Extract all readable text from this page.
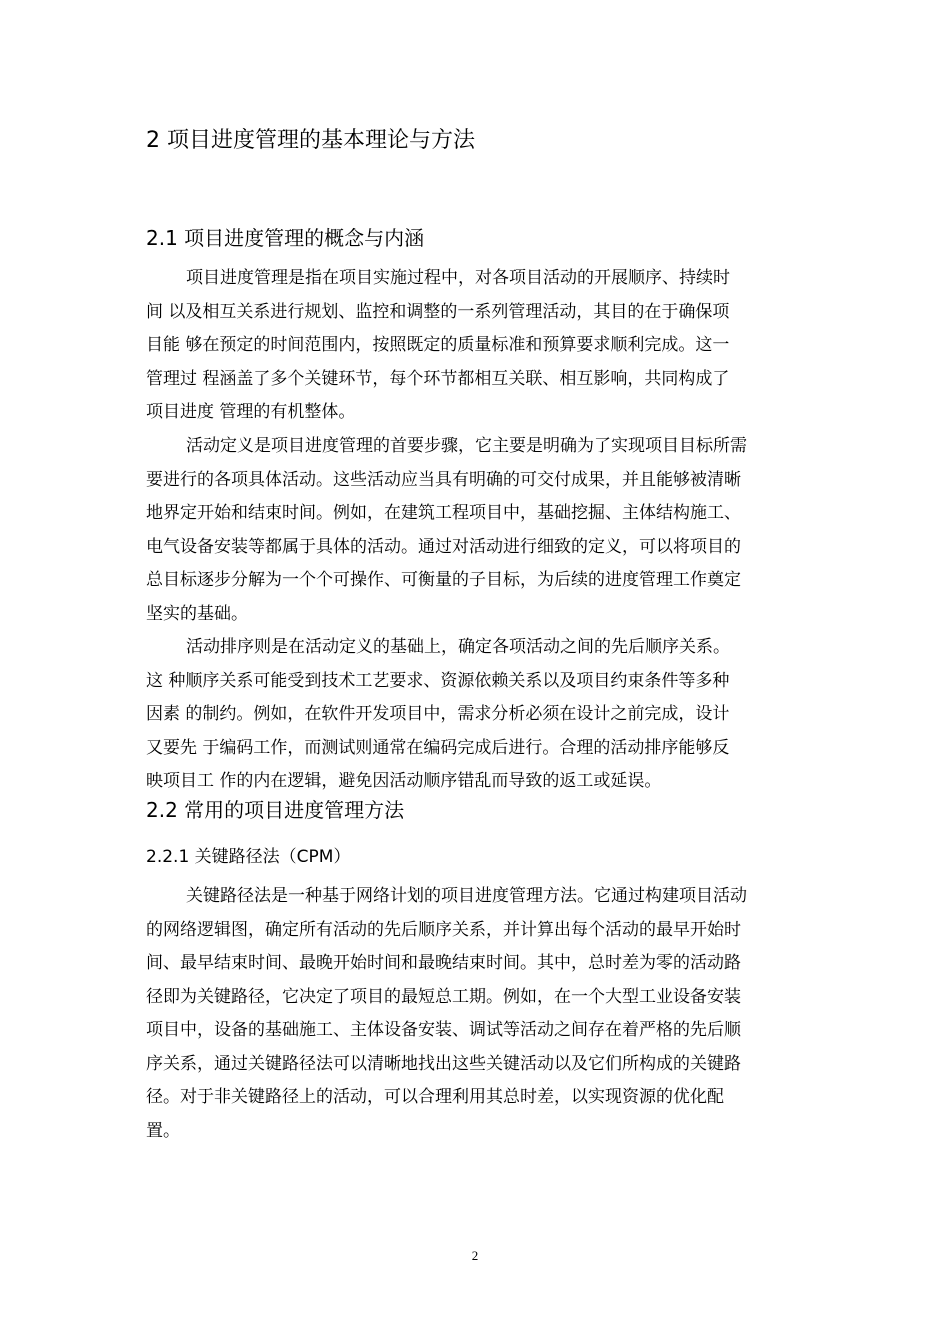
2 项目进度管理的基本理论与方法
2.1 项目进度管理的概念与内涵
项目进度管理是指在项目实施过程中，对各项目活动的开展顺序、持续时
间 以及相互关系进行规划、监控和调整的一系列管理活动，其目的在于确保项
目能 够在预定的时间范围内，按照既定的质量标准和预算要求顺利完成。这一
管理过 程涵盖了多个关键环节，每个环节都相互关联、相互影响，共同构成了
项目进度 管理的有机整体。
活动定义是项目进度管理的首要步骤，它主要是明确为了实现项目目标所需
要进行的各项具体活动。这些活动应当具有明确的可交付成果，并且能够被清晰
地界定开始和结束时间。例如，在建筑工程项目中，基础挖掘、主体结构施工、
电气设备安装等都属于具体的活动。通过对活动进行细致的定义，可以将项目的
总目标逐步分解为一个个可操作、可衡量的子目标，为后续的进度管理工作奠定
坚实的基础。
活动排序则是在活动定义的基础上，确定各项活动之间的先后顺序关系。
这 种顺序关系可能受到技术工艺要求、资源依赖关系以及项目约束条件等多种
因素 的制约。例如，在软件开发项目中，需求分析必须在设计之前完成，设计
又要先 于编码工作，而测试则通常在编码完成后进行。合理的活动排序能够反
映项目工 作的内在逻辑，避免因活动顺序错乱而导致的返工或延误。
2.2 常用的项目进度管理方法
2.2.1 关键路径法（CPM）
关键路径法是一种基于网络计划的项目进度管理方法。它通过构建项目活动
的网络逻辑图，确定所有活动的先后顺序关系，并计算出每个活动的最早开始时
间、最早结束时间、最晚开始时间和最晚结束时间。其中，总时差为零的活动路
径即为关键路径，它决定了项目的最短总工期。例如，在一个大型工业设备安装
项目中，设备的基础施工、主体设备安装、调试等活动之间存在着严格的先后顺
序关系，通过关键路径法可以清晰地找出这些关键活动以及它们所构成的关键路
径。对于非关键路径上的活动，可以合理利用其总时差，以实现资源的优化配
置。
2
